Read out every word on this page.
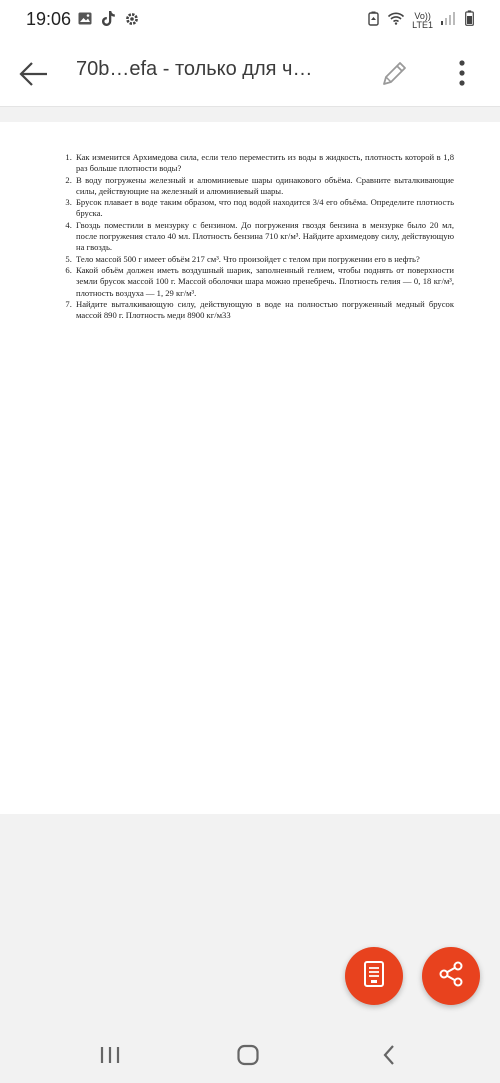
19:06	Vo))
LTE1
70b…efa - только для ч…
1. Как изменится Архимедова сила, если тело переместить из воды в жидкость, плотность которой в 1,8 раз больше плотности воды?
2. В воду погружены железный и алюминиевые шары одинакового объёма. Сравните выталкивающие силы, действующие на железный и алюминиевый шары.
3. Брусок плавает в воде таким образом, что под водой находится 3/4 его объёма. Определите плотность бруска.
4. Гвоздь поместили в мензурку с бензином. До погружения гвоздя бензина в мензурке было 20 мл, после погружения стало 40 мл. Плотность бензина 710 кг/м³. Найдите архимедову силу, действующую на гвоздь.
5. Тело массой 500 г имеет объём 217 см³. Что произойдет с телом при погружении его в нефть?
6. Какой объём должен иметь воздушный шарик, заполненный гелием, чтобы поднять от поверхности земли брусок массой 100 г. Массой оболочки шара можно пренебречь. Плотность гелия — 0, 18 кг/м³, плотность воздуха — 1, 29 кг/м³.
7. Найдите выталкивающую силу, действующую в воде на полностью погруженный медный брусок массой 890 г. Плотность меди 8900 кг/м33
